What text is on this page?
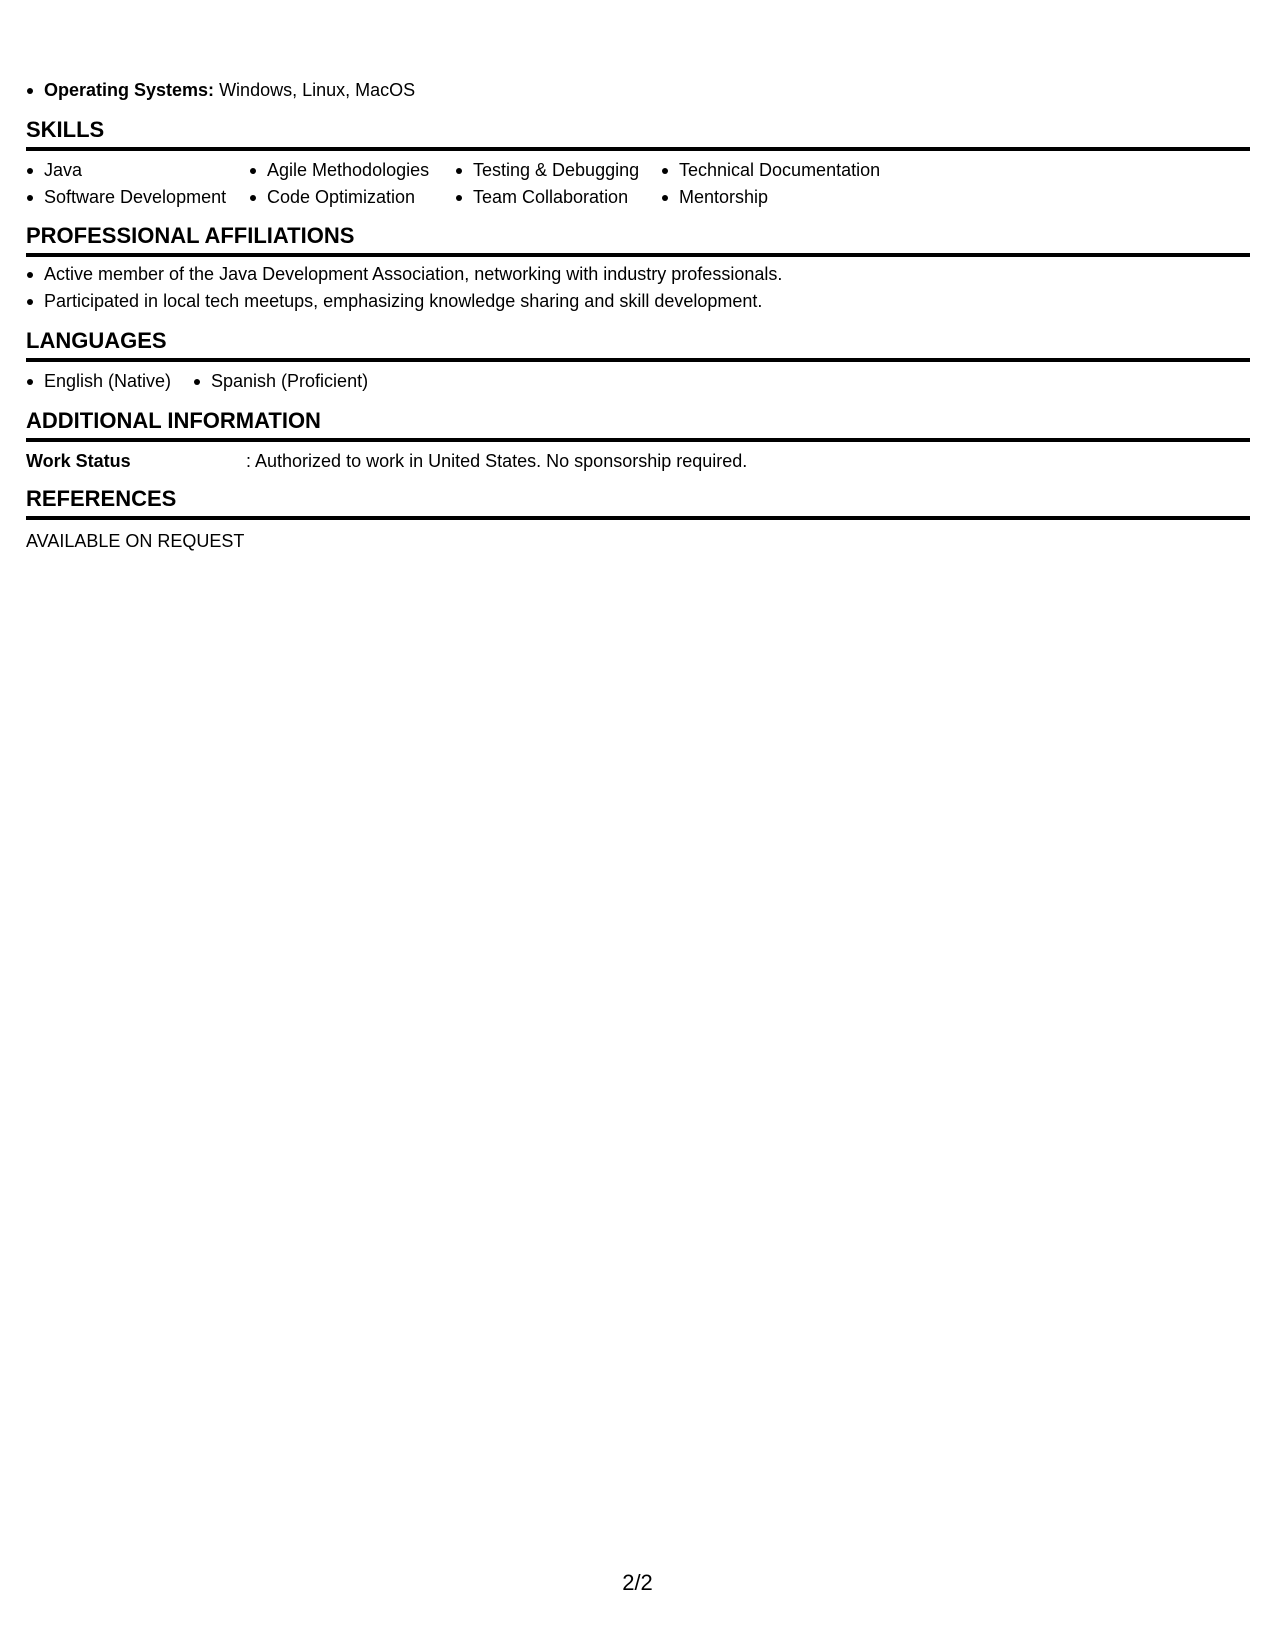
Operating Systems: Windows, Linux, MacOS
SKILLS
Java
Software Development
Agile Methodologies
Code Optimization
Testing & Debugging
Team Collaboration
Technical Documentation
Mentorship
PROFESSIONAL AFFILIATIONS
Active member of the Java Development Association, networking with industry professionals.
Participated in local tech meetups, emphasizing knowledge sharing and skill development.
LANGUAGES
English (Native)	Spanish (Proficient)
ADDITIONAL INFORMATION
Work Status	: Authorized to work in United States. No sponsorship required.
REFERENCES
AVAILABLE ON REQUEST
2/2
